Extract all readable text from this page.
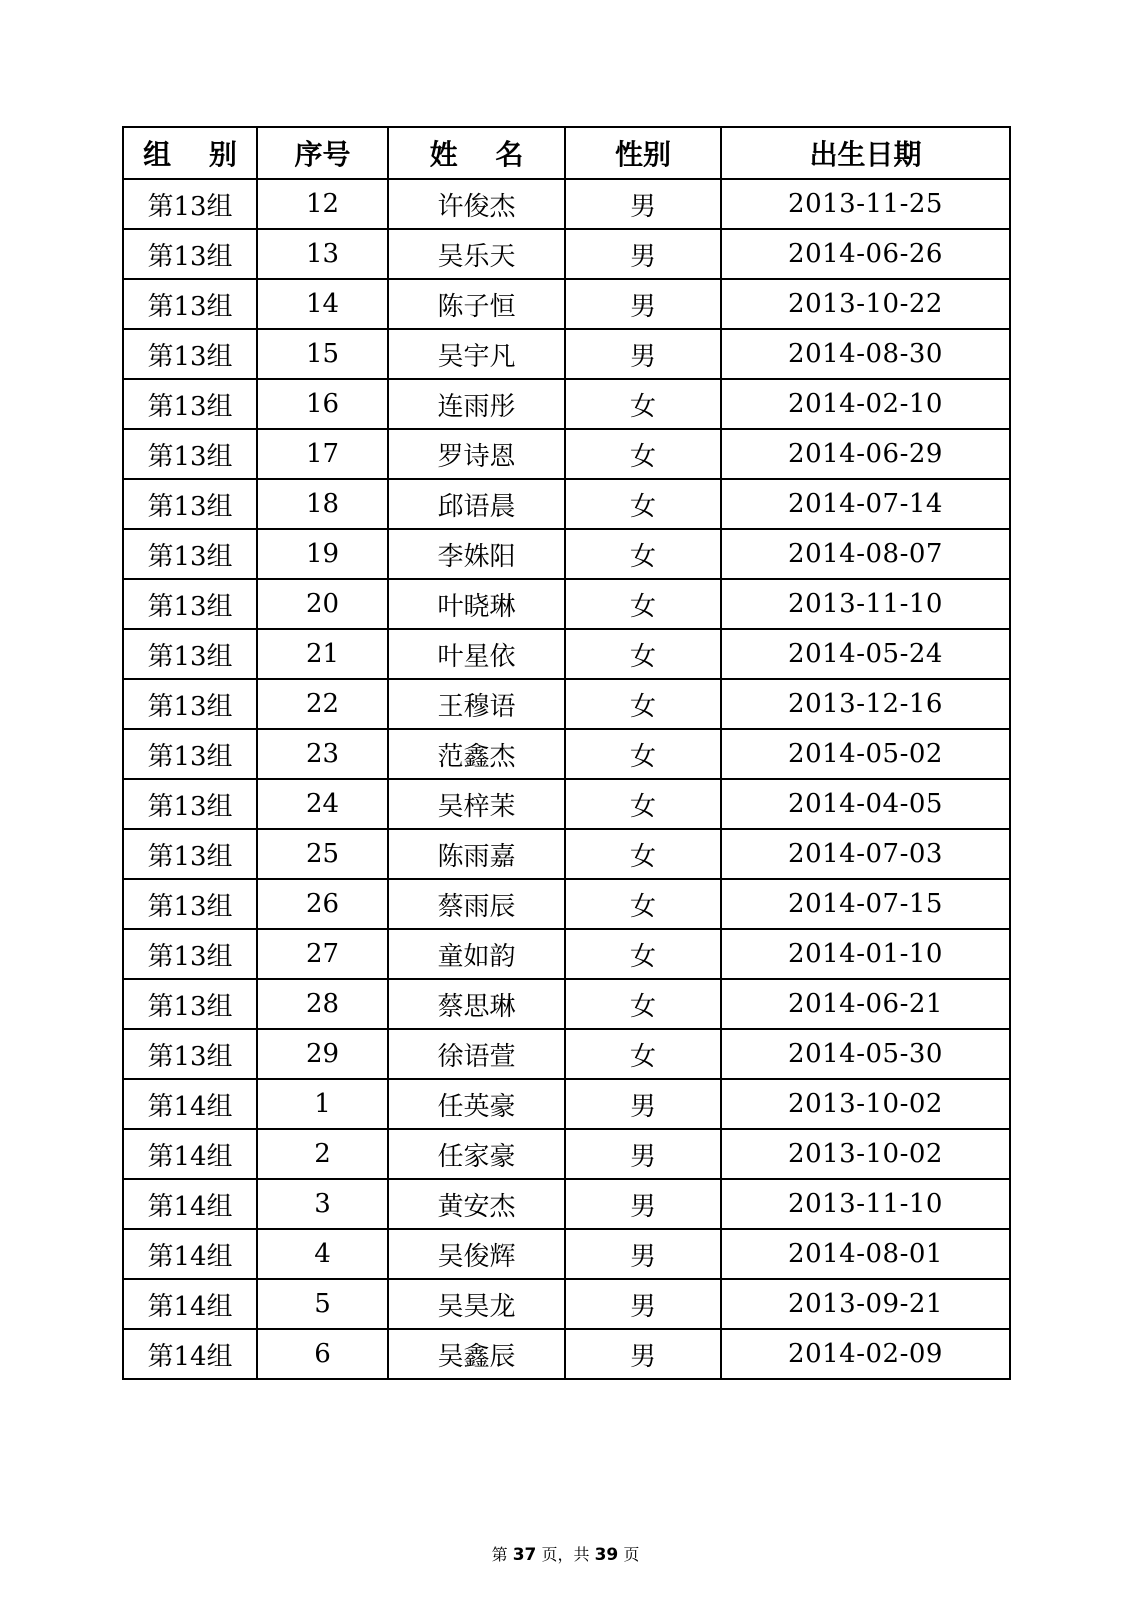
组 别	序号	姓 名	性别	出生日期
第13组	12	许俊杰	男	2013-11-25
第13组	13	吴乐天	男	2014-06-26
第13组	14	陈子恒	男	2013-10-22
第13组	15	吴宇凡	男	2014-08-30
第13组	16	连雨彤	女	2014-02-10
第13组	17	罗诗恩	女	2014-06-29
第13组	18	邱语晨	女	2014-07-14
第13组	19	李姝阳	女	2014-08-07
第13组	20	叶晓琳	女	2013-11-10
第13组	21	叶星依	女	2014-05-24
第13组	22	王穆语	女	2013-12-16
第13组	23	范鑫杰	女	2014-05-02
第13组	24	吴梓茉	女	2014-04-05
第13组	25	陈雨嘉	女	2014-07-03
第13组	26	蔡雨辰	女	2014-07-15
第13组	27	童如韵	女	2014-01-10
第13组	28	蔡思琳	女	2014-06-21
第13组	29	徐语萱	女	2014-05-30
第14组	1	任英豪	男	2013-10-02
第14组	2	任家豪	男	2013-10-02
第14组	3	黄安杰	男	2013-11-10
第14组	4	吴俊辉	男	2014-08-01
第14组	5	吴昊龙	男	2013-09-21
第14组	6	吴鑫辰	男	2014-02-09
第 37 页，共 39 页
